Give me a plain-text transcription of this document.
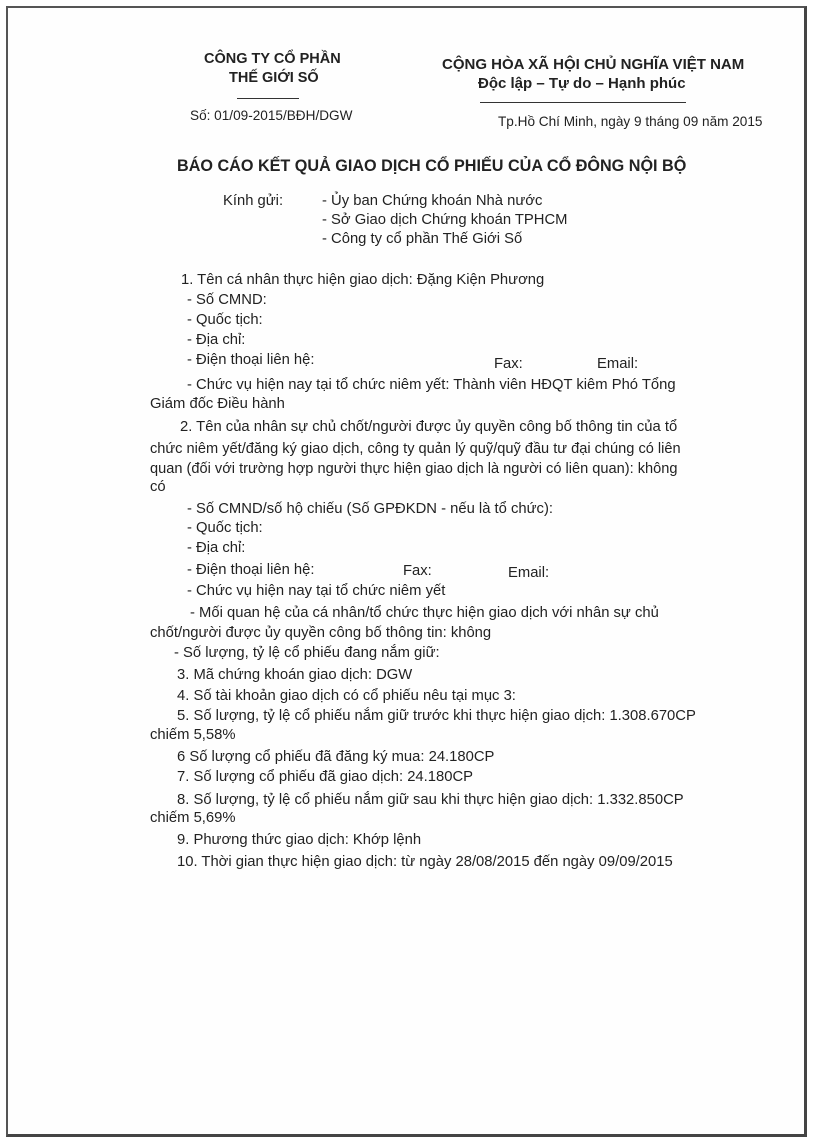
CÔNG TY CỔ PHẦN
THẾ GIỚI SỐ
Số: 01/09-2015/BĐH/DGW
CỘNG HÒA XÃ HỘI CHỦ NGHĨA VIỆT NAM
Độc lập – Tự do – Hạnh phúc
Tp.Hồ Chí Minh, ngày 9 tháng 09 năm 2015
BÁO CÁO KẾT QUẢ GIAO DỊCH CỔ PHIẾU CỦA CỔ ĐÔNG NỘI BỘ
Kính gửi:	- Ủy ban Chứng khoán Nhà nước
- Sở Giao dịch Chứng khoán TPHCM
- Công ty cổ phần Thế Giới Số
1. Tên cá nhân thực hiện giao dịch: Đặng Kiện Phương
- Số CMND:
- Quốc tịch:
- Địa chỉ:
- Điện thoại liên hệ:	Fax:	Email:
- Chức vụ hiện nay tại tổ chức niêm yết: Thành viên HĐQT kiêm Phó Tổng
Giám đốc Điều hành
2. Tên của nhân sự chủ chốt/người được ủy quyền công bố thông tin của tổ
chức niêm yết/đăng ký giao dịch, công ty quản lý quỹ/quỹ đầu tư đại chúng có liên
quan (đối với trường hợp người thực hiện giao dịch là người có liên quan): không
có
- Số CMND/số hộ chiếu (Số GPĐKDN - nếu là tổ chức):
- Quốc tịch:
- Địa chỉ:
- Điện thoại liên hệ:	Fax:	Email:
- Chức vụ hiện nay tại tổ chức niêm yết
- Mối quan hệ của cá nhân/tổ chức thực hiện giao dịch với nhân sự chủ
chốt/người được ủy quyền công bố thông tin: không
- Số lượng, tỷ lệ cổ phiếu đang nắm giữ:
3. Mã chứng khoán giao dịch: DGW
4. Số tài khoản giao dịch có cổ phiếu nêu tại mục 3:
5. Số lượng, tỷ lệ cổ phiếu nắm giữ trước khi thực hiện giao dịch: 1.308.670CP
chiếm 5,58%
6 Số lượng cổ phiếu đã đăng ký mua: 24.180CP
7. Số lượng cổ phiếu đã giao dịch: 24.180CP
8. Số lượng, tỷ lệ cổ phiếu nắm giữ sau khi thực hiện giao dịch: 1.332.850CP
chiếm 5,69%
9. Phương thức giao dịch: Khớp lệnh
10. Thời gian thực hiện giao dịch: từ ngày 28/08/2015 đến ngày 09/09/2015
